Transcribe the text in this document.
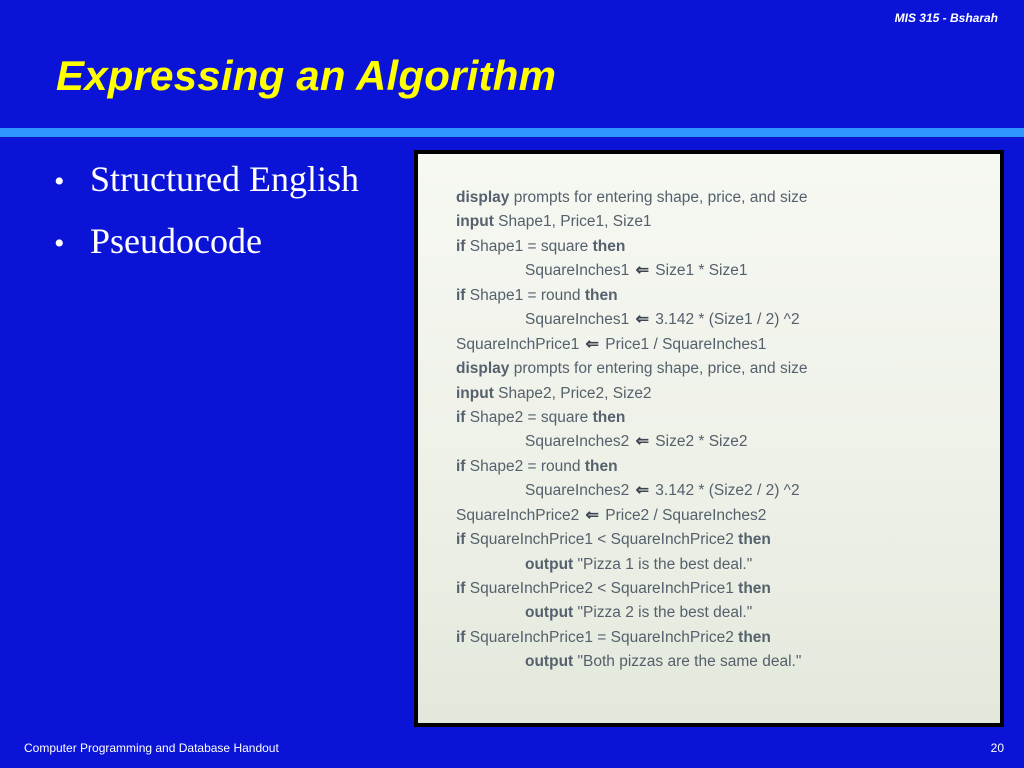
MIS 315 - Bsharah
Expressing an Algorithm
• Structured English
• Pseudocode
display prompts for entering shape, price, and size
input Shape1, Price1, Size1
if Shape1 = square then
SquareInches1 ⇐ Size1 * Size1
if Shape1 = round then
SquareInches1 ⇐ 3.142 * (Size1 / 2) ^2
SquareInchPrice1 ⇐ Price1 / SquareInches1
display prompts for entering shape, price, and size
input Shape2, Price2, Size2
if Shape2 = square then
SquareInches2 ⇐ Size2 * Size2
if Shape2 = round then
SquareInches2 ⇐ 3.142 * (Size2 / 2) ^2
SquareInchPrice2 ⇐ Price2 / SquareInches2
if SquareInchPrice1 < SquareInchPrice2 then
output "Pizza 1 is the best deal."
if SquareInchPrice2 < SquareInchPrice1 then
output "Pizza 2 is the best deal."
if SquareInchPrice1 = SquareInchPrice2 then
output "Both pizzas are the same deal."
Computer Programming and Database Handout	20
